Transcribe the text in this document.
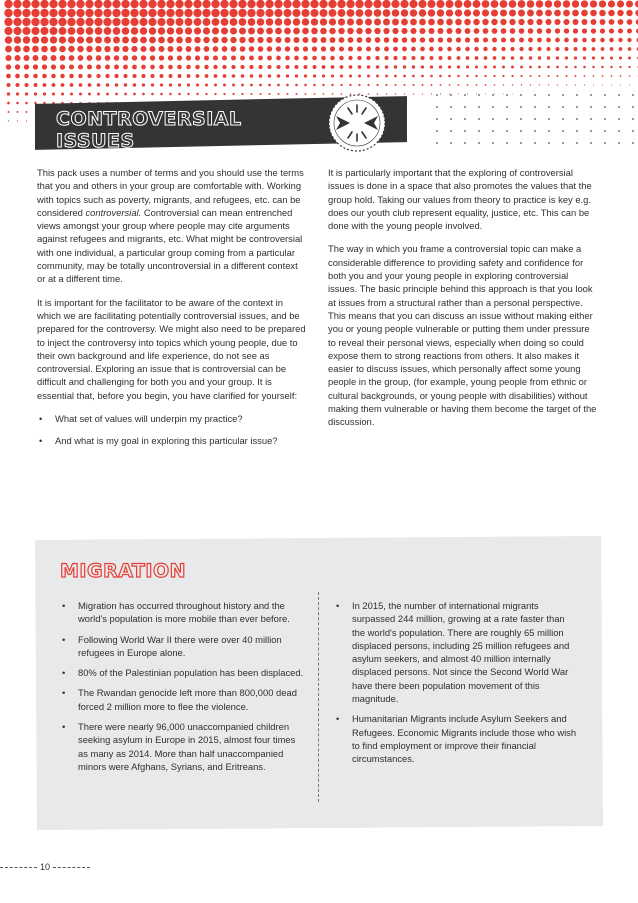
CONTROVERSIAL ISSUES

This pack uses a number of terms and you should use the terms that you and others in your group are comfortable with. Working with topics such as poverty, migrants, and refugees, etc. can be considered controversial. Controversial can mean entrenched views amongst your group where people may cite arguments against refugees and migrants, etc. What might be controversial with one individual, a particular group coming from a particular community, may be totally uncontroversial in a different context or at a different time.

It is important for the facilitator to be aware of the context in which we are facilitating potentially controversial issues, and be prepared for the controversy. We might also need to be prepared to inject the controversy into topics which young people, due to their own background and life experience, do not see as controversial. Exploring an issue that is controversial can be difficult and challenging for both you and your group. It is essential that, before you begin, you have clarified for yourself:

• What set of values will underpin my practice?
• And what is my goal in exploring this particular issue?

It is particularly important that the exploring of controversial issues is done in a space that also promotes the values that the group hold. Taking our values from theory to practice is key e.g. does our youth club represent equality, justice, etc. This can be done with the young people involved.

The way in which you frame a controversial topic can make a considerable difference to providing safety and confidence for both you and your young people in exploring controversial issues. The basic principle behind this approach is that you look at issues from a structural rather than a personal perspective. This means that you can discuss an issue without making either you or young people vulnerable or putting them under pressure to reveal their personal views, especially when doing so could expose them to strong reactions from others. It also makes it easier to discuss issues, which personally affect some young people in the group, (for example, young people from ethnic or cultural backgrounds, or young people with disabilities) without making them vulnerable or having them become the target of the discussion.

MIGRATION
• Migration has occurred throughout history and the world's population is more mobile than ever before.
• Following World War II there were over 40 million refugees in Europe alone.
• 80% of the Palestinian population has been displaced.
• The Rwandan genocide left more than 800,000 dead forced 2 million more to flee the violence.
• There were nearly 96,000 unaccompanied children seeking asylum in Europe in 2015, almost four times as many as 2014. More than half unaccompanied minors were Afghans, Syrians, and Eritreans.
• In 2015, the number of international migrants surpassed 244 million, growing at a rate faster than the world's population. There are roughly 65 million displaced persons, including 25 million refugees and asylum seekers, and almost 40 million internally displaced persons. Not since the Second World War have there been population movement of this magnitude.
• Humanitarian Migrants include Asylum Seekers and Refugees. Economic Migrants include those who wish to find employment or improve their financial circumstances.
10
